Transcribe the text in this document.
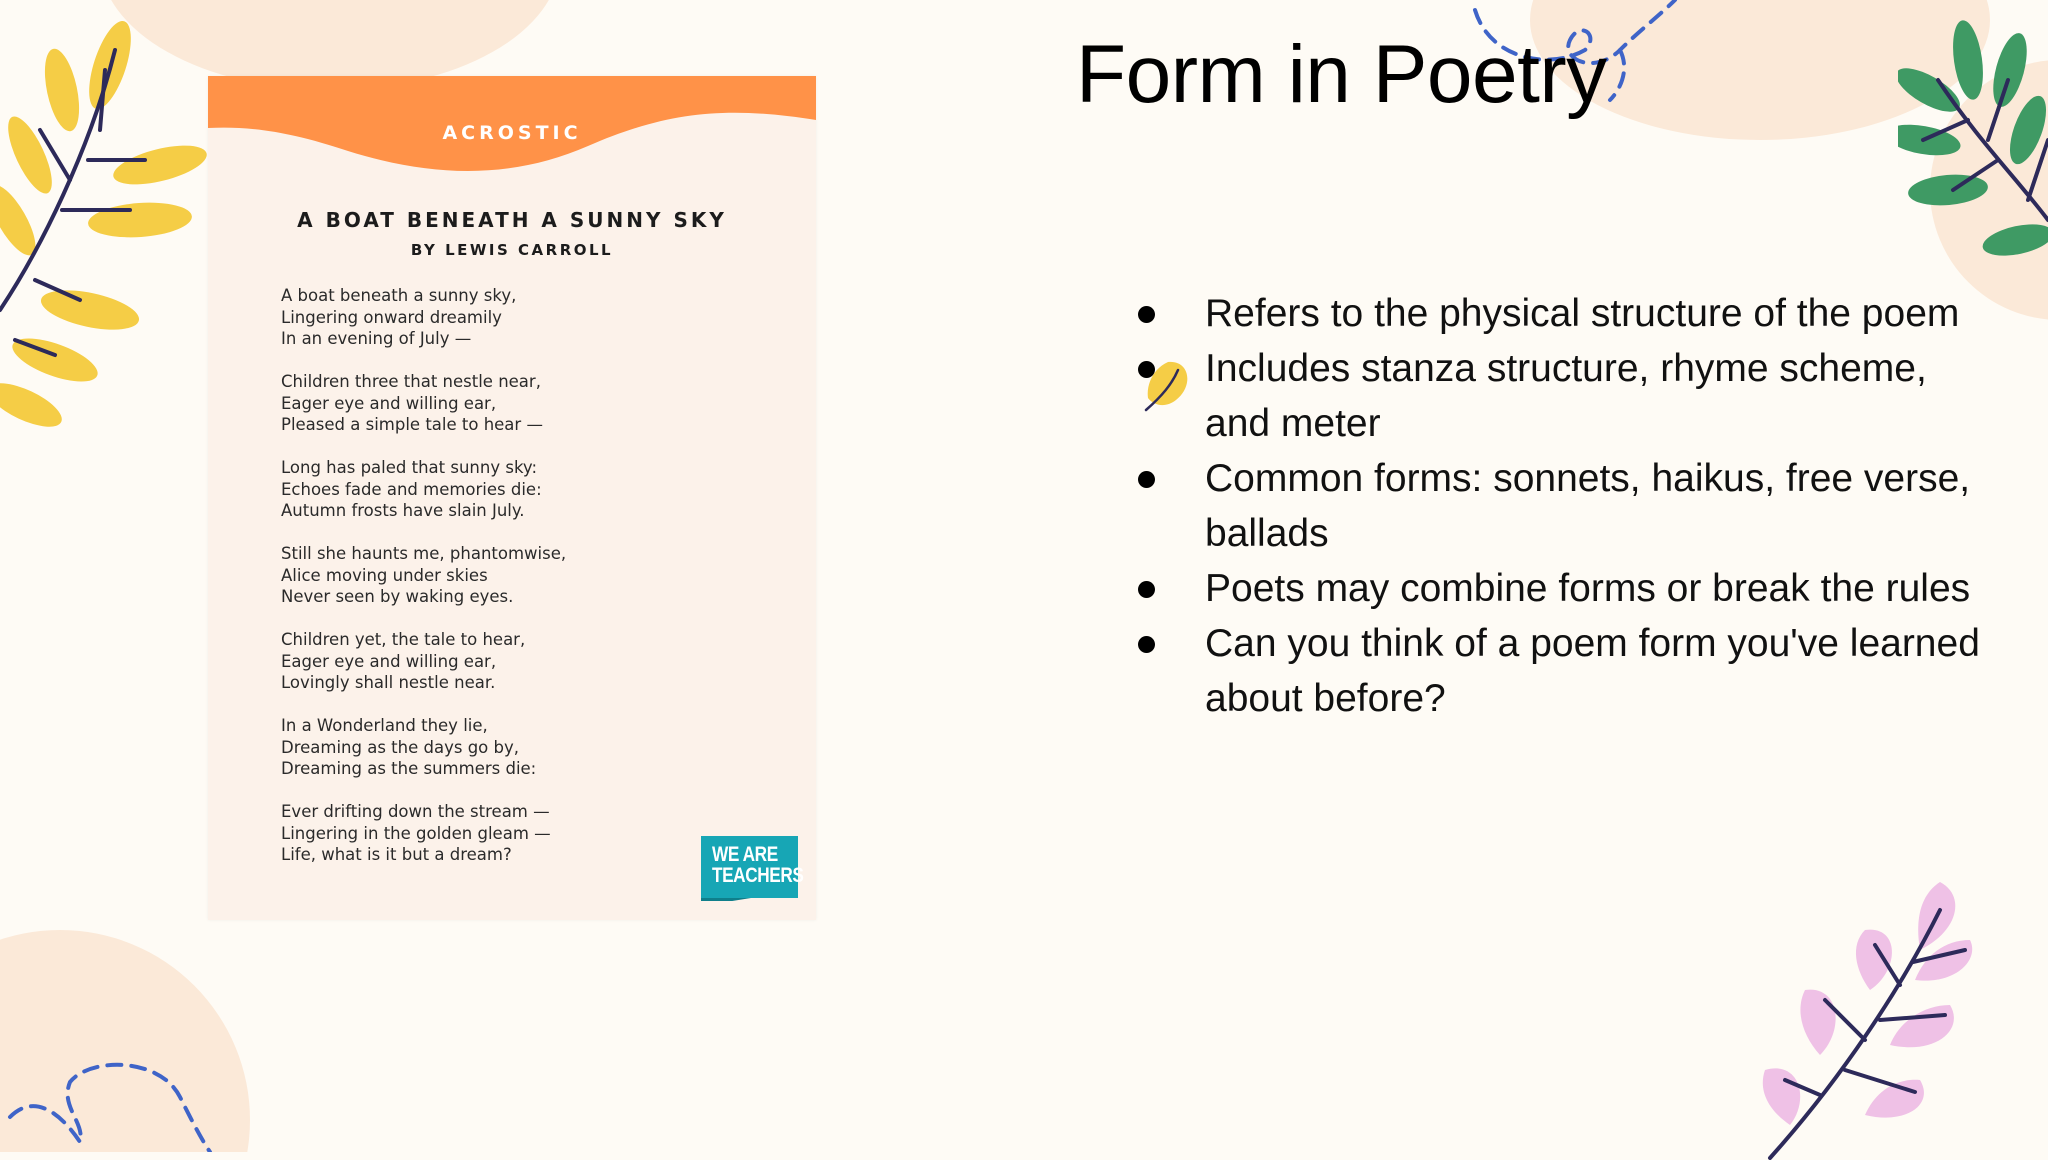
ACROSTIC
A BOAT BENEATH A SUNNY SKY
BY LEWIS CARROLL
A boat beneath a sunny sky,
Lingering onward dreamily
In an evening of July —
Children three that nestle near,
Eager eye and willing ear,
Pleased a simple tale to hear —
Long has paled that sunny sky:
Echoes fade and memories die:
Autumn frosts have slain July.
Still she haunts me, phantomwise,
Alice moving under skies
Never seen by waking eyes.
Children yet, the tale to hear,
Eager eye and willing ear,
Lovingly shall nestle near.
In a Wonderland they lie,
Dreaming as the days go by,
Dreaming as the summers die:
Ever drifting down the stream —
Lingering in the golden gleam —
Life, what is it but a dream?	WE ARE
TEACHERS
Form in Poetry
Refers to the physical structure of the poem
Includes stanza structure, rhyme scheme, and meter
Common forms: sonnets, haikus, free verse, ballads
Poets may combine forms or break the rules
Can you think of a poem form you've learned about before?
